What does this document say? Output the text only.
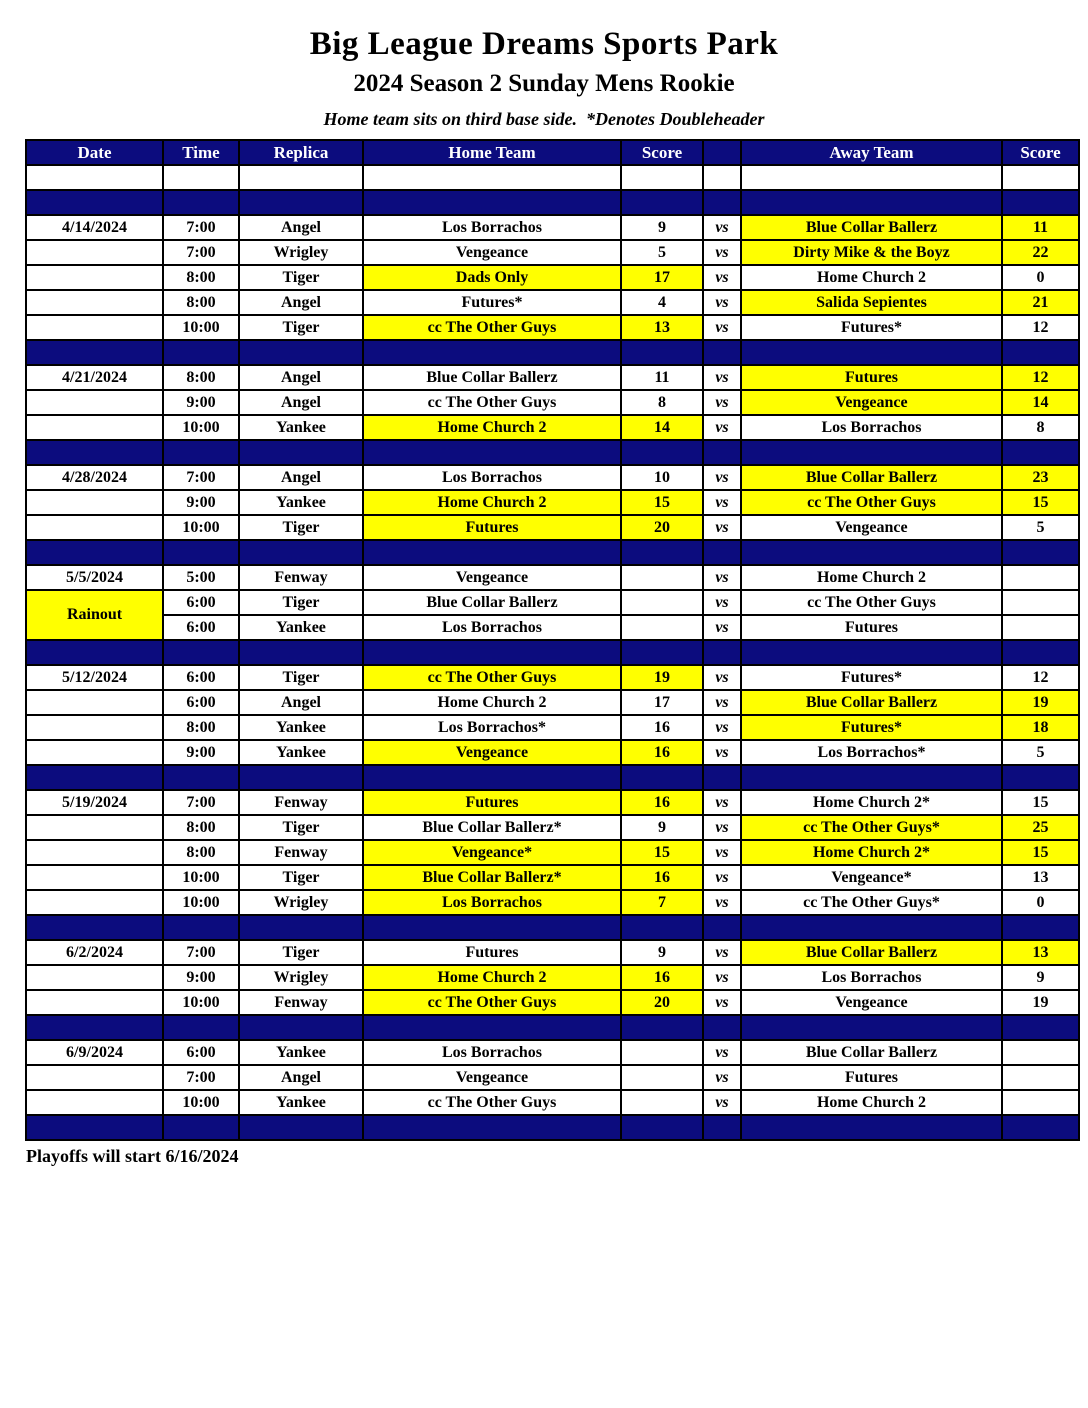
Big League Dreams Sports Park
2024 Season 2 Sunday Mens Rookie
Home team sits on third base side.  *Denotes Doubleheader
Date	Time	Replica	Home Team	Score		Away Team	Score

4/14/2024	7:00	Angel	Los Borrachos	9	vs	Blue Collar Ballerz	11
	7:00	Wrigley	Vengeance	5	vs	Dirty Mike & the Boyz	22
	8:00	Tiger	Dads Only	17	vs	Home Church 2	0
	8:00	Angel	Futures*	4	vs	Salida Sepientes	21
	10:00	Tiger	cc The Other Guys	13	vs	Futures*	12

4/21/2024	8:00	Angel	Blue Collar Ballerz	11	vs	Futures	12
	9:00	Angel	cc The Other Guys	8	vs	Vengeance	14
	10:00	Yankee	Home Church 2	14	vs	Los Borrachos	8

4/28/2024	7:00	Angel	Los Borrachos	10	vs	Blue Collar Ballerz	23
	9:00	Yankee	Home Church 2	15	vs	cc The Other Guys	15
	10:00	Tiger	Futures	20	vs	Vengeance	5

5/5/2024	5:00	Fenway	Vengeance		vs	Home Church 2	
Rainout	6:00	Tiger	Blue Collar Ballerz		vs	cc The Other Guys	
	6:00	Yankee	Los Borrachos		vs	Futures	

5/12/2024	6:00	Tiger	cc The Other Guys	19	vs	Futures*	12
	6:00	Angel	Home Church 2	17	vs	Blue Collar Ballerz	19
	8:00	Yankee	Los Borrachos*	16	vs	Futures*	18
	9:00	Yankee	Vengeance	16	vs	Los Borrachos*	5

5/19/2024	7:00	Fenway	Futures	16	vs	Home Church 2*	15
	8:00	Tiger	Blue Collar Ballerz*	9	vs	cc The Other Guys*	25
	8:00	Fenway	Vengeance*	15	vs	Home Church 2*	15
	10:00	Tiger	Blue Collar Ballerz*	16	vs	Vengeance*	13
	10:00	Wrigley	Los Borrachos	7	vs	cc The Other Guys*	0

6/2/2024	7:00	Tiger	Futures	9	vs	Blue Collar Ballerz	13
	9:00	Wrigley	Home Church 2	16	vs	Los Borrachos	9
	10:00	Fenway	cc The Other Guys	20	vs	Vengeance	19

6/9/2024	6:00	Yankee	Los Borrachos		vs	Blue Collar Ballerz	
	7:00	Angel	Vengeance		vs	Futures	
	10:00	Yankee	cc The Other Guys		vs	Home Church 2	

Playoffs will start 6/16/2024
